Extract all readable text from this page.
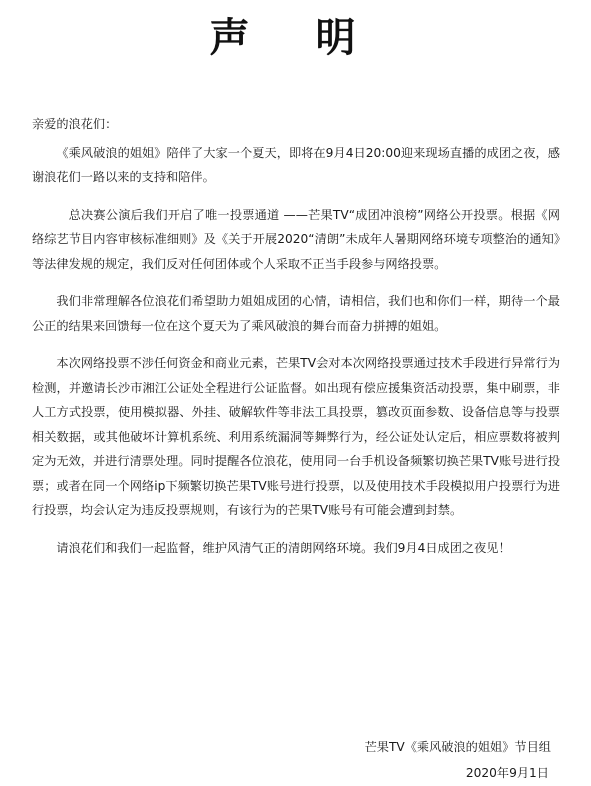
声 明
亲爱的浪花们：

《乘风破浪的姐姐》陪伴了大家一个夏天，即将在9月4日20:00迎来现场直播的成团之夜，感谢浪花们一路以来的支持和陪伴。

总决赛公演后我们开启了唯一投票通道 ——芒果TV“成团冲浪榜”网络公开投票。根据《网络综艺节目内容审核标准细则》及《关于开展2020“清朗”未成年人暑期网络环境专项整治的通知》等法律发规的规定，我们反对任何团体或个人采取不正当手段参与网络投票。

我们非常理解各位浪花们希望助力姐姐成团的心情，请相信，我们也和你们一样，期待一个最公正的结果来回馈每一位在这个夏天为了乘风破浪的舞台而奋力拼搏的姐姐。

本次网络投票不涉任何资金和商业元素，芒果TV会对本次网络投票通过技术手段进行异常行为检测，并邀请长沙市湘江公证处全程进行公证监督。如出现有偿应援集资活动投票，集中刷票，非人工方式投票，使用模拟器、外挂、破解软件等非法工具投票，篡改页面参数、设备信息等与投票相关数据，或其他破坏计算机系统、利用系统漏洞等舞弊行为，经公证处认定后，相应票数将被判定为无效，并进行清票处理。同时提醒各位浪花，使用同一台手机设备频繁切换芒果TV账号进行投票；或者在同一个网络ip下频繁切换芒果TV账号进行投票，以及使用技术手段模拟用户投票行为进行投票，均会认定为违反投票规则，有该行为的芒果TV账号有可能会遭到封禁。

请浪花们和我们一起监督，维护风清气正的清朗网络环境。我们9月4日成团之夜见！

芒果TV《乘风破浪的姐姐》节目组
2020年9月1日
